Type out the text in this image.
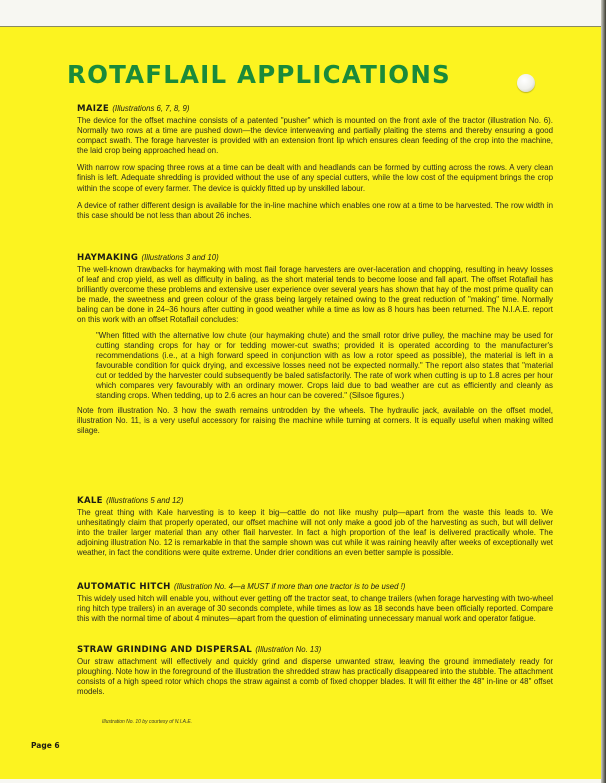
ROTAFLAIL APPLICATIONS
MAIZE (Illustrations 6, 7, 8, 9)

The device for the offset machine consists of a patented "pusher" which is mounted on the front axle of the tractor (illustration No. 6). Normally two rows at a time are pushed down—the device interweaving and partially plaiting the stems and thereby ensuring a good compact swath. The forage harvester is provided with an extension front lip which ensures clean feeding of the crop into the machine, the laid crop being approached head on.

With narrow row spacing three rows at a time can be dealt with and headlands can be formed by cutting across the rows. A very clean finish is left. Adequate shredding is provided without the use of any special cutters, while the low cost of the equipment brings the crop within the scope of every farmer. The device is quickly fitted up by unskilled labour.

A device of rather different design is available for the in-line machine which enables one row at a time to be harvested. The row width in this case should be not less than about 26 inches.

HAYMAKING (Illustrations 3 and 10)

The well-known drawbacks for haymaking with most flail forage harvesters are over-laceration and chopping, resulting in heavy losses of leaf and crop yield, as well as difficulty in baling, as the short material tends to become loose and fall apart. The offset Rotaflail has brilliantly overcome these problems and extensive user experience over several years has shown that hay of the most prime quality can be made, the sweetness and green colour of the grass being largely retained owing to the great reduction of "making" time. Normally baling can be done in 24–36 hours after cutting in good weather while a time as low as 8 hours has been returned. The N.I.A.E. report on this work with an offset Rotaflail concludes:

"When fitted with the alternative low chute (our haymaking chute) and the small rotor drive pulley, the machine may be used for cutting standing crops for hay or for tedding mower-cut swaths; provided it is operated according to the manufacturer's recommendations (i.e., at a high forward speed in conjunction with as low a rotor speed as possible), the material is left in a favourable condition for quick drying, and excessive losses need not be expected normally." The report also states that "material cut or tedded by the harvester could subsequently be baled satisfactorily. The rate of work when cutting is up to 1.8 acres per hour which compares very favourably with an ordinary mower. Crops laid due to bad weather are cut as efficiently and cleanly as standing crops. When tedding, up to 2.6 acres an hour can be covered." (Silsoe figures.)

Note from illustration No. 3 how the swath remains untrodden by the wheels. The hydraulic jack, available on the offset model, illustration No. 11, is a very useful accessory for raising the machine while turning at corners. It is equally useful when making wilted silage.

KALE (Illustrations 5 and 12)

The great thing with Kale harvesting is to keep it big—cattle do not like mushy pulp—apart from the waste this leads to. We unhesitatingly claim that properly operated, our offset machine will not only make a good job of the harvesting as such, but will deliver into the trailer larger material than any other flail harvester. In fact a high proportion of the leaf is delivered practically whole. The adjoining illustration No. 12 is remarkable in that the sample shown was cut while it was raining heavily after weeks of exceptionally wet weather, in fact the conditions were quite extreme. Under drier conditions an even better sample is possible.

AUTOMATIC HITCH (Illustration No. 4—a MUST if more than one tractor is to be used !)

This widely used hitch will enable you, without ever getting off the tractor seat, to change trailers (when forage harvesting with two-wheel ring hitch type trailers) in an average of 30 seconds complete, while times as low as 18 seconds have been officially reported. Compare this with the normal time of about 4 minutes—apart from the question of eliminating unnecessary manual work and operator fatigue.

STRAW GRINDING AND DISPERSAL (Illustration No. 13)

Our straw attachment will effectively and quickly grind and disperse unwanted straw, leaving the ground immediately ready for ploughing. Note how in the foreground of the illustration the shredded straw has practically disappeared into the stubble. The attachment consists of a high speed rotor which chops the straw against a comb of fixed chopper blades. It will fit either the 48" in-line or 48" offset models.

Illustration No. 10 by courtesy of N.I.A.E.
Page 6
